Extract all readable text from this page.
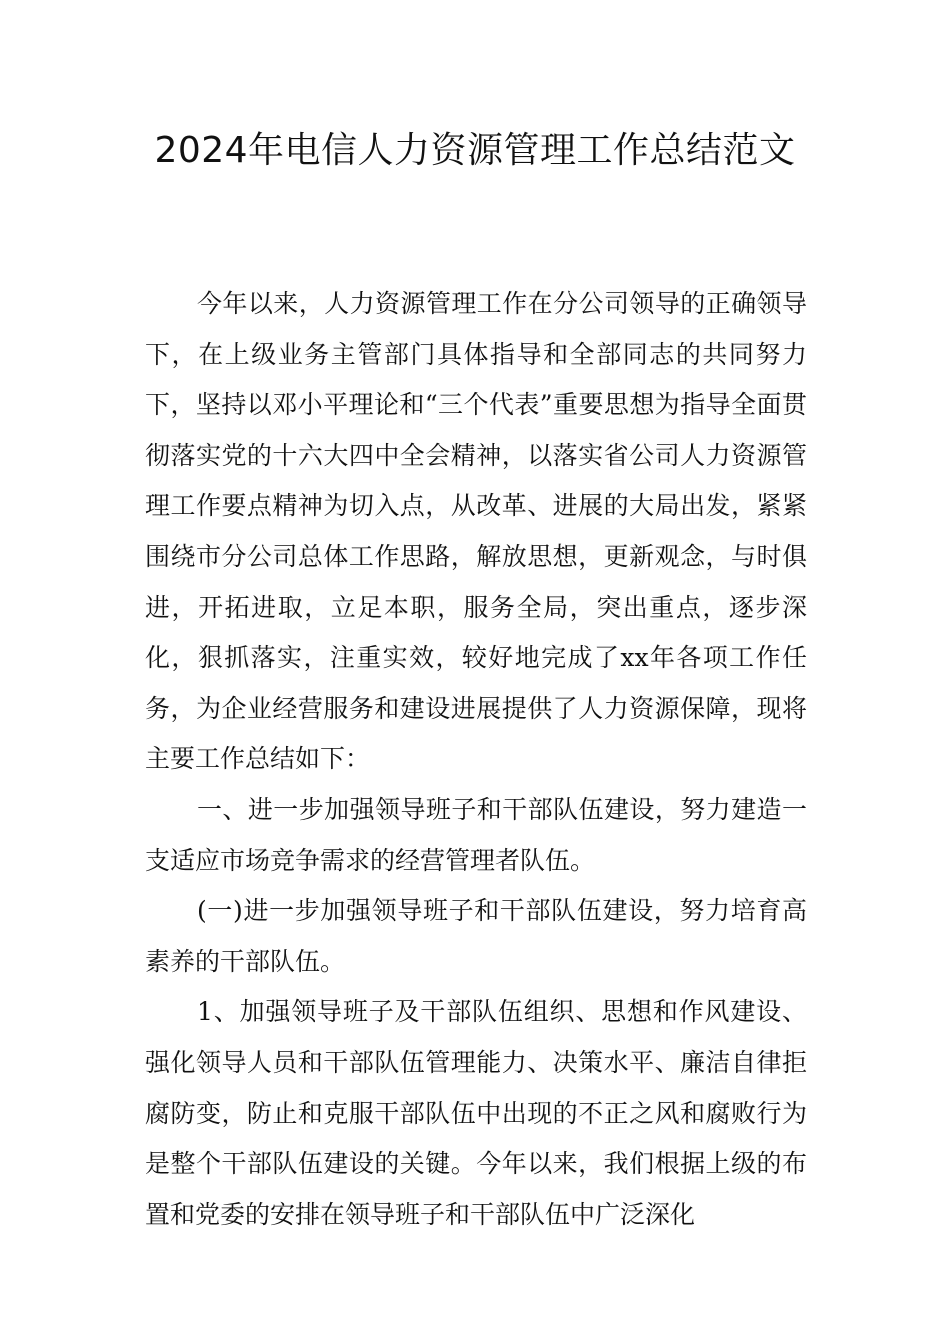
2024年电信人力资源管理工作总结范文

今年以来，人力资源管理工作在分公司领导的正确领导下，在上级业务主管部门具体指导和全部同志的共同努力下，坚持以邓小平理论和“三个代表”重要思想为指导全面贯彻落实党的十六大四中全会精神，以落实省公司人力资源管理工作要点精神为切入点，从改革、进展的大局出发，紧紧围绕市分公司总体工作思路，解放思想，更新观念，与时俱进，开拓进取，立足本职，服务全局，突出重点，逐步深化，狠抓落实，注重实效，较好地完成了xx年各项工作任务，为企业经营服务和建设进展提供了人力资源保障，现将主要工作总结如下：

一、进一步加强领导班子和干部队伍建设，努力建造一支适应市场竞争需求的经营管理者队伍。

(一)进一步加强领导班子和干部队伍建设，努力培育高素养的干部队伍。

1、加强领导班子及干部队伍组织、思想和作风建设、强化领导人员和干部队伍管理能力、决策水平、廉洁自律拒腐防变，防止和克服干部队伍中出现的不正之风和腐败行为是整个干部队伍建设的关键。今年以来，我们根据上级的布置和党委的安排在领导班子和干部队伍中广泛深化
